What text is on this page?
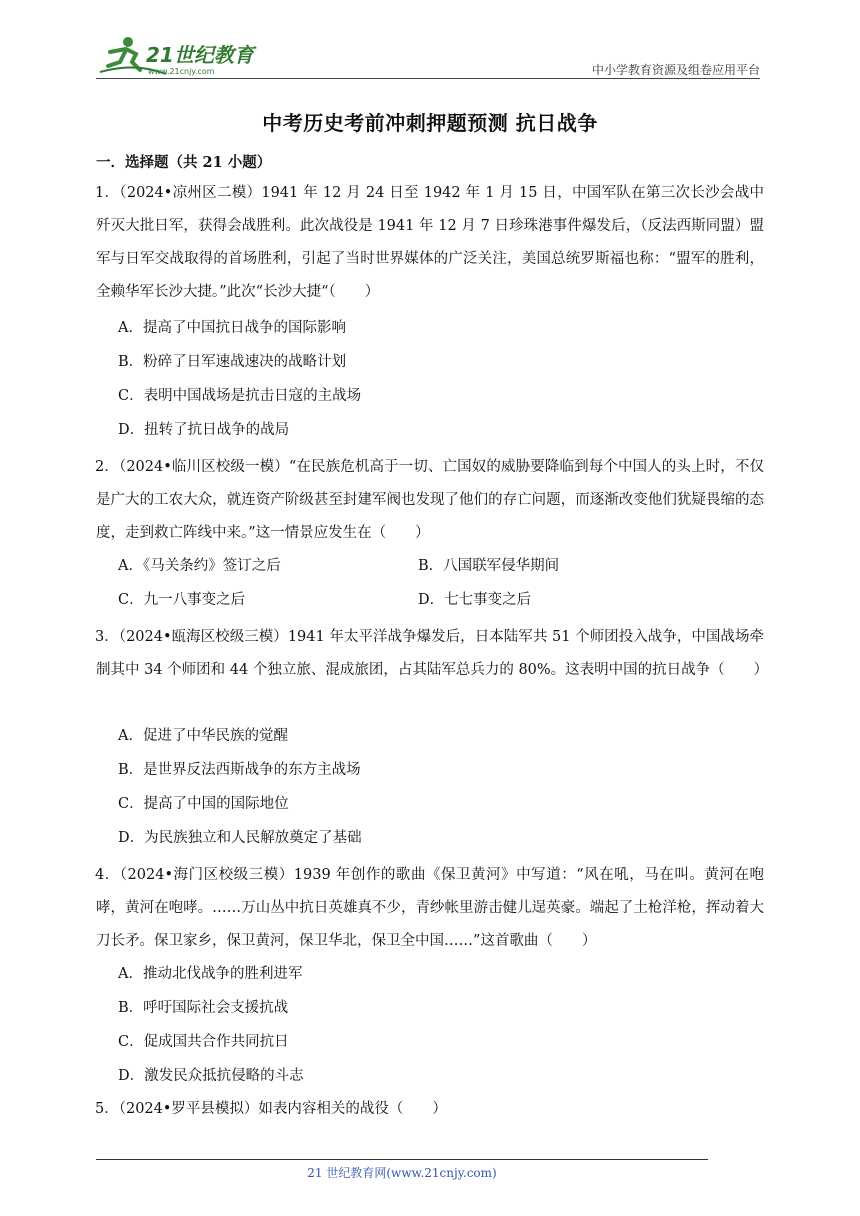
21世纪教育
www.21cnjy.com	中小学教育资源及组卷应用平台
中考历史考前冲刺押题预测 抗日战争
一．选择题（共 21 小题）
1．（2024•凉州区二模）1941 年 12 月 24 日至 1942 年 1 月 15 日，中国军队在第三次长沙会战中歼灭大批日军，获得会战胜利。此次战役是 1941 年 12 月 7 日珍珠港事件爆发后，（反法西斯同盟）盟军与日军交战取得的首场胜利，引起了当时世界媒体的广泛关注，美国总统罗斯福也称：“盟军的胜利，全赖华军长沙大捷。”此次“长沙大捷“（　　）
A．提高了中国抗日战争的国际影响
B．粉碎了日军速战速决的战略计划
C．表明中国战场是抗击日寇的主战场
D．扭转了抗日战争的战局
2．（2024•临川区校级一模）“在民族危机高于一切、亡国奴的威胁要降临到每个中国人的头上时，不仅是广大的工农大众，就连资产阶级甚至封建军阀也发现了他们的存亡问题，而逐渐改变他们犹疑畏缩的态度，走到救亡阵线中来。”这一情景应发生在（　　）
A．《马关条约》签订之后	B．八国联军侵华期间
C．九一八事变之后	D．七七事变之后
3．（2024•瓯海区校级三模）1941 年太平洋战争爆发后，日本陆军共 51 个师团投入战争，中国战场牵制其中 34 个师团和 44 个独立旅、混成旅团，占其陆军总兵力的 80%。这表明中国的抗日战争（　　）
A．促进了中华民族的觉醒
B．是世界反法西斯战争的东方主战场
C．提高了中国的国际地位
D．为民族独立和人民解放奠定了基础
4．（2024•海门区校级三模）1939 年创作的歌曲《保卫黄河》中写道：“风在吼，马在叫。黄河在咆哮，黄河在咆哮。……万山丛中抗日英雄真不少，青纱帐里游击健儿逞英豪。端起了土枪洋枪，挥动着大刀长矛。保卫家乡，保卫黄河，保卫华北，保卫全中国……”这首歌曲（　　）
A．推动北伐战争的胜利进军
B．呼吁国际社会支援抗战
C．促成国共合作共同抗日
D．激发民众抵抗侵略的斗志
5．（2024•罗平县模拟）如表内容相关的战役（　　）
21 世纪教育网(www.21cnjy.com)
